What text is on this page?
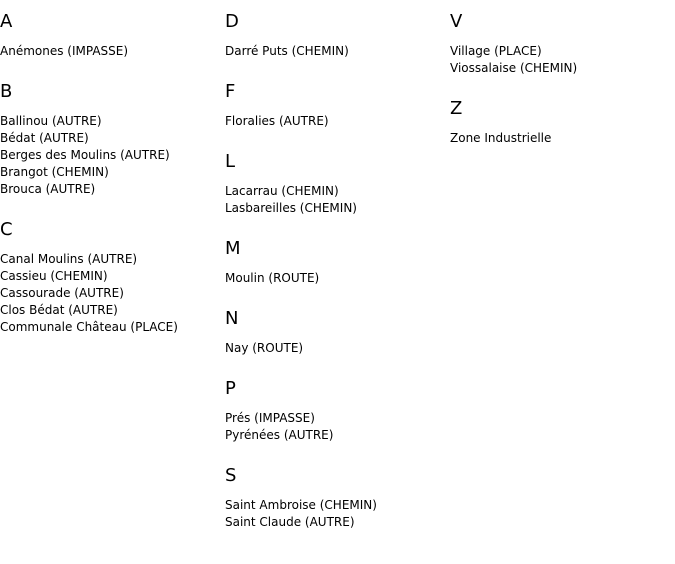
A
Anémones (IMPASSE)
B
Ballinou (AUTRE)
Bédat (AUTRE)
Berges des Moulins (AUTRE)
Brangot (CHEMIN)
Brouca (AUTRE)
C
Canal Moulins (AUTRE)
Cassieu (CHEMIN)
Cassourade (AUTRE)
Clos Bédat (AUTRE)
Communale Château (PLACE)
D
Darré Puts (CHEMIN)
F
Floralies (AUTRE)
L
Lacarrau (CHEMIN)
Lasbareilles (CHEMIN)
M
Moulin (ROUTE)
N
Nay (ROUTE)
P
Prés (IMPASSE)
Pyrénées (AUTRE)
S
Saint Ambroise (CHEMIN)
Saint Claude (AUTRE)
V
Village (PLACE)
Viossalaise (CHEMIN)
Z
Zone Industrielle
